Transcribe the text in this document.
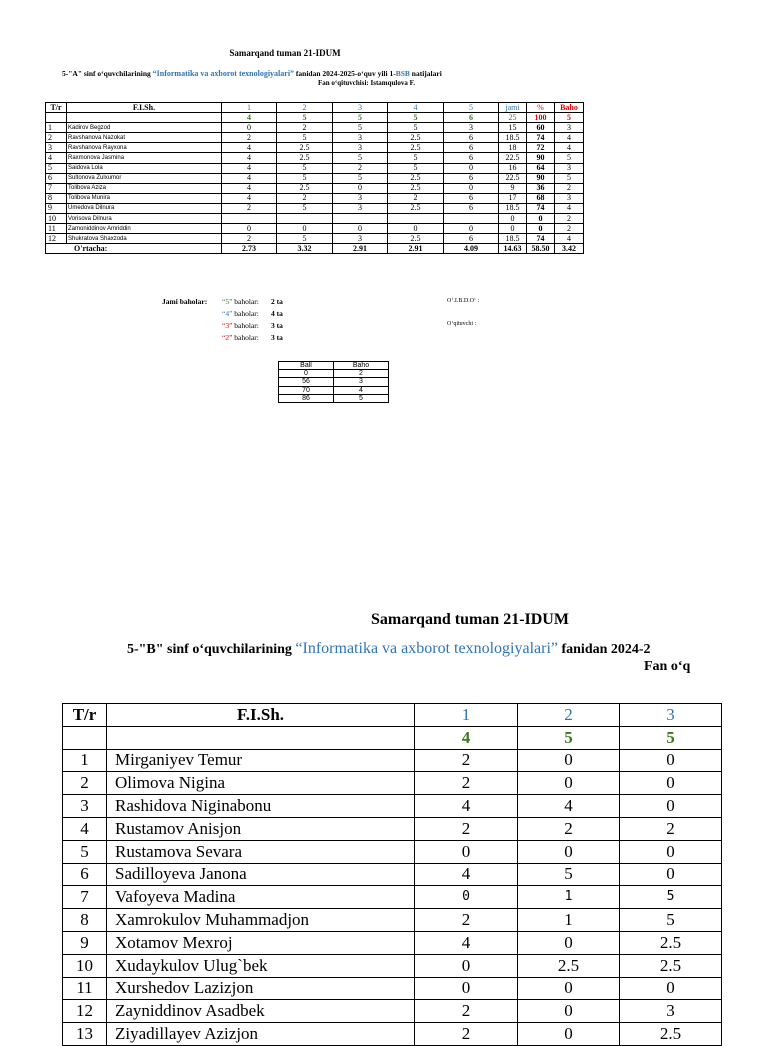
Samarqand tuman 21-IDUM
5-"A" sinf o‘quvchilarining “Informatika va axborot texnologiyalari” fanidan 2024-2025-o‘quv yili 1-BSB natijalari
Fan o‘qituvchisi: Istamqulova F.
T/r	F.I.Sh.	1	2	3	4	5	jami	%	Baho
		4	5	5	5	6	25	100	5
1	Kadirov Begzod	0	2	5	5	3	15	60	3
2	Ravshanova Nazokat	2	5	3	2.5	6	18.5	74	4
3	Ravshanova Rayxona	4	2.5	3	2.5	6	18	72	4
4	Raxmonova Jasmina	4	2.5	5	5	6	22.5	90	5
5	Saidova Lola	4	5	2	5	0	16	64	3
6	Sultonova Zulxumor	4	5	5	2.5	6	22.5	90	5
7	Tolibova Aziza	4	2.5	0	2.5	0	9	36	2
8	Tolibova Munira	4	2	3	2	6	17	68	3
9	Umedova Dilnura	2	5	3	2.5	6	18.5	74	4
10	Vorisova Dilnura						0	0	2
11	Zamoniddinov Amriddin	0	0	0	0	0	0	0	2
12	Shukratova Shaxzoda	2	5	3	2.5	6	18.5	74	4
O'rtacha:		2.73	3.32	2.91	2.91	4.09	14.63	58.50	3.42
Jami baholar: “5” baholar: 2 ta
“4” baholar: 4 ta
“3” baholar: 3 ta
“2” baholar: 3 ta
O‘.I.B.D.O‘ :
O‘qituvchi :
Ball	Baho
0	2
56	3
70	4
86	5
Samarqand tuman 21-IDUM
5-"B" sinf o‘quvchilarining “Informatika va axborot texnologiyalari” fanidan 2024-2
Fan o‘q
T/r	F.I.Sh.	1	2	3
		4	5	5
1	Mirganiyev Temur	2	0	0
2	Olimova Nigina	2	0	0
3	Rashidova Niginabonu	4	4	0
4	Rustamov Anisjon	2	2	2
5	Rustamova Sevara	0	0	0
6	Sadilloyeva Janona	4	5	0
7	Vafoyeva Madina	0	1	5
8	Xamrokulov Muhammadjon	2	1	5
9	Xotamov Mexroj	4	0	2.5
10	Xudaykulov Ulug`bek	0	2.5	2.5
11	Xurshedov Lazizjon	0	0	0
12	Zayniddinov Asadbek	2	0	3
13	Ziyadillayev Azizjon	2	0	2.5
